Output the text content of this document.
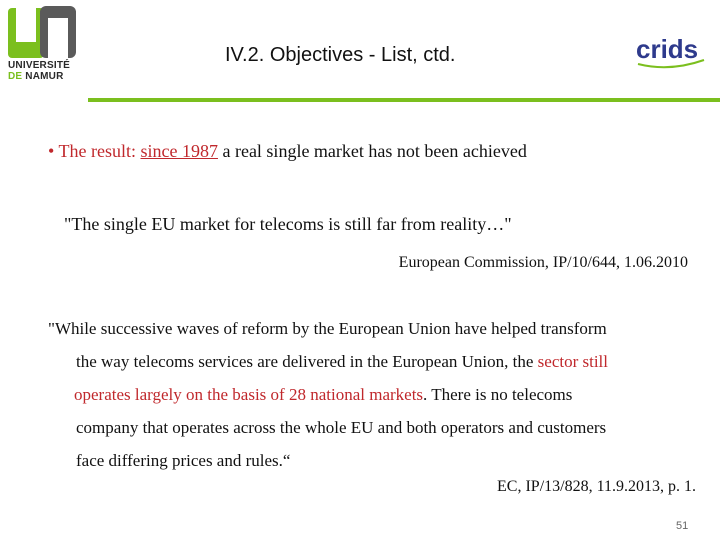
UNIVERSITÉ
DE NAMUR
IV.2. Objectives - List, ctd.	crids
• The result: since 1987 a real single market has not been achieved
"The single EU market for telecoms is still far from reality…"
European Commission, IP/10/644, 1.06.2010
"While successive waves of reform by the European Union have helped transform
the way telecoms services are delivered in the European Union, the sector still
operates largely on the basis of 28 national markets. There is no telecoms
company that operates across the whole EU and both operators and customers
face differing prices and rules.“
EC, IP/13/828, 11.9.2013, p. 1.
51
